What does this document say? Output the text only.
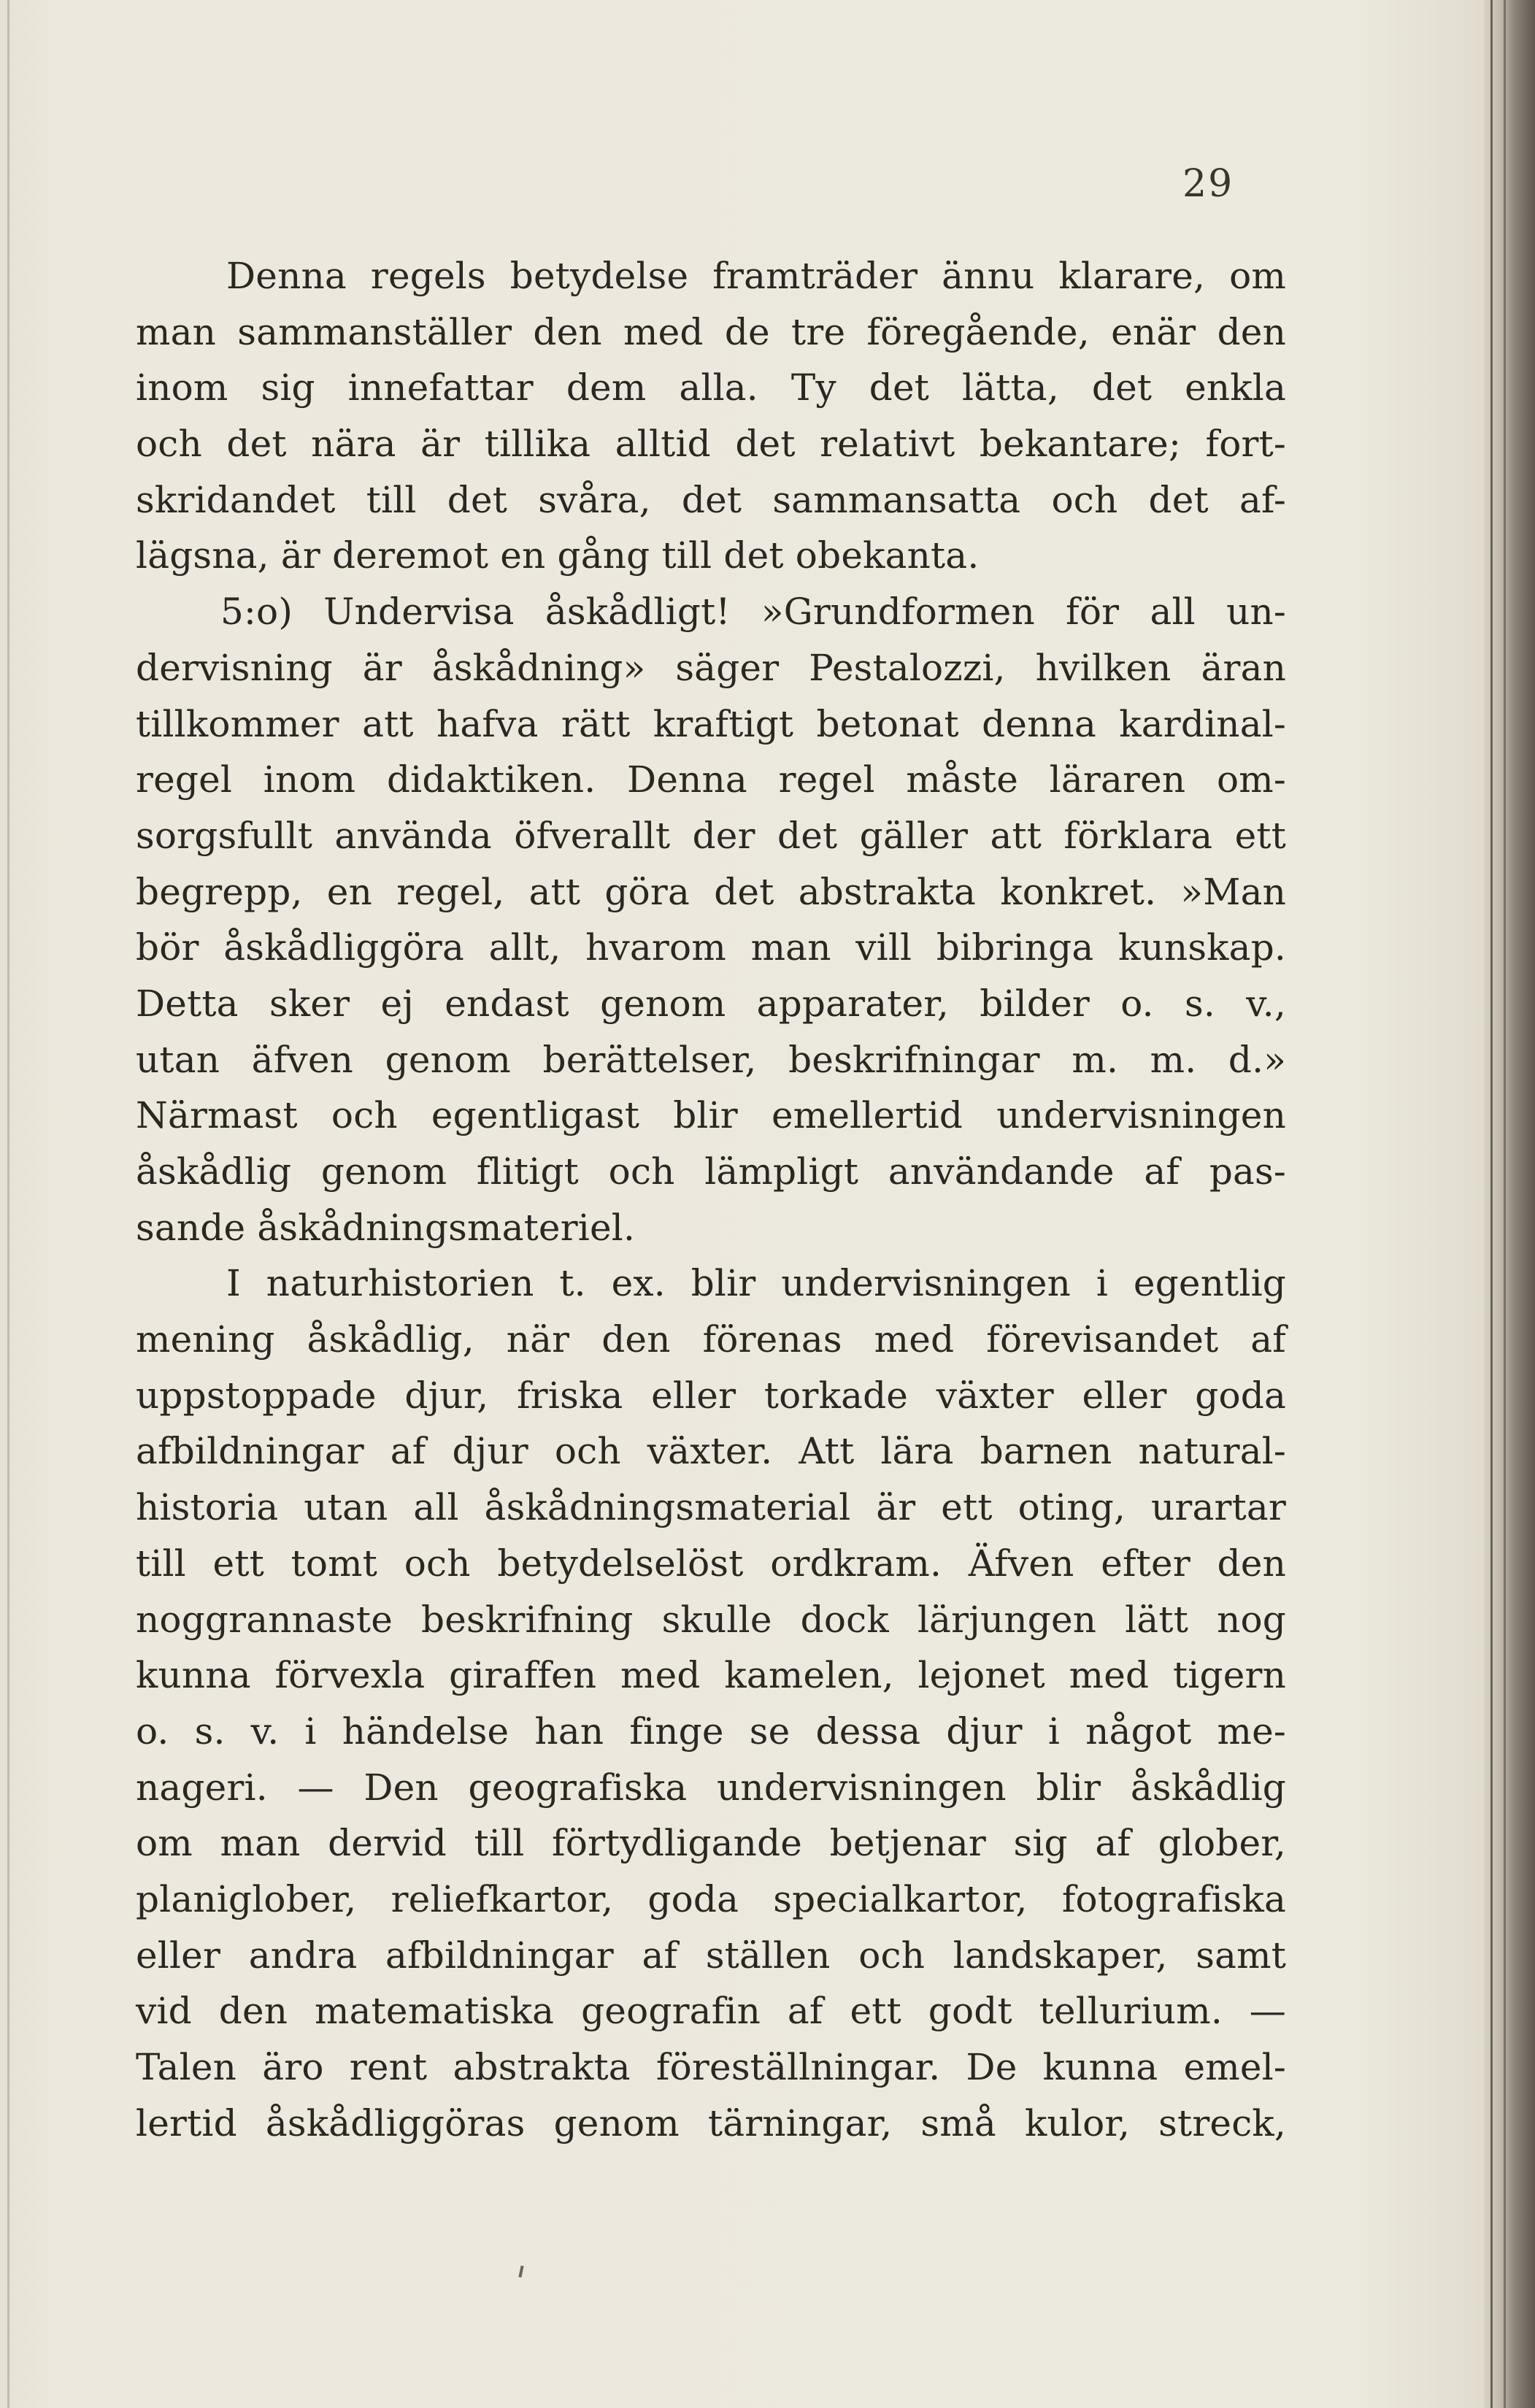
29
Denna regels betydelse framträder ännu klarare, om
man sammanställer den med de tre föregående, enär den
inom sig innefattar dem alla. Ty det lätta, det enkla
och det nära är tillika alltid det relativt bekantare; fort-
skridandet till det svåra, det sammansatta och det af-
lägsna, är deremot en gång till det obekanta.
5:o) Undervisa åskådligt! »Grundformen för all un-
dervisning är åskådning» säger Pestalozzi, hvilken äran
tillkommer att hafva rätt kraftigt betonat denna kardinal-
regel inom didaktiken. Denna regel måste läraren om-
sorgsfullt använda öfverallt der det gäller att förklara ett
begrepp, en regel, att göra det abstrakta konkret. »Man
bör åskådliggöra allt, hvarom man vill bibringa kunskap.
Detta sker ej endast genom apparater, bilder o. s. v.,
utan äfven genom berättelser, beskrifningar m. m. d.»
Närmast och egentligast blir emellertid undervisningen
åskådlig genom flitigt och lämpligt användande af pas-
sande åskådningsmateriel.
I naturhistorien t. ex. blir undervisningen i egentlig
mening åskådlig, när den förenas med förevisandet af
uppstoppade djur, friska eller torkade växter eller goda
afbildningar af djur och växter. Att lära barnen natural-
historia utan all åskådningsmaterial är ett oting, urartar
till ett tomt och betydelselöst ordkram. Äfven efter den
noggrannaste beskrifning skulle dock lärjungen lätt nog
kunna förvexla giraffen med kamelen, lejonet med tigern
o. s. v. i händelse han finge se dessa djur i något me-
nageri. — Den geografiska undervisningen blir åskådlig
om man dervid till förtydligande betjenar sig af glober,
planiglober, reliefkartor, goda specialkartor, fotografiska
eller andra afbildningar af ställen och landskaper, samt
vid den matematiska geografin af ett godt tellurium. —
Talen äro rent abstrakta föreställningar. De kunna emel-
lertid åskådliggöras genom tärningar, små kulor, streck,
